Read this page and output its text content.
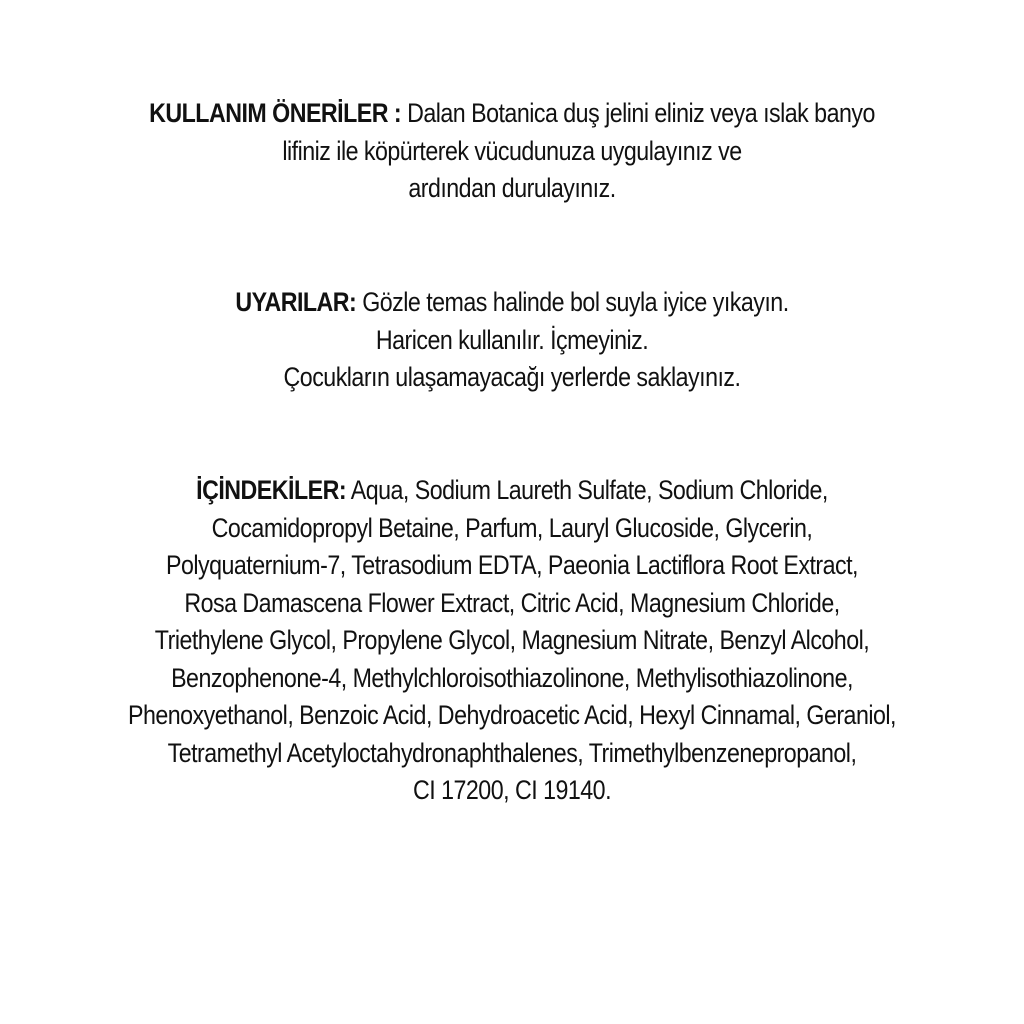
KULLANIM ÖNERİLER : Dalan Botanica duş jelini eliniz veya ıslak banyo
lifiniz ile köpürterek vücudunuza uygulayınız ve
ardından durulayınız.
UYARILAR: Gözle temas halinde bol suyla iyice yıkayın.
Haricen kullanılır. İçmeyiniz.
Çocukların ulaşamayacağı yerlerde saklayınız.
İÇİNDEKİLER: Aqua, Sodium Laureth Sulfate, Sodium Chloride,
Cocamidopropyl Betaine, Parfum, Lauryl Glucoside, Glycerin,
Polyquaternium-7, Tetrasodium EDTA, Paeonia Lactiflora Root Extract,
Rosa Damascena Flower Extract, Citric Acid, Magnesium Chloride,
Triethylene Glycol, Propylene Glycol, Magnesium Nitrate, Benzyl Alcohol,
Benzophenone-4, Methylchloroisothiazolinone, Methylisothiazolinone,
Phenoxyethanol, Benzoic Acid, Dehydroacetic Acid, Hexyl Cinnamal, Geraniol,
Tetramethyl Acetyloctahydronaphthalenes, Trimethylbenzenepropanol,
CI 17200, CI 19140.
